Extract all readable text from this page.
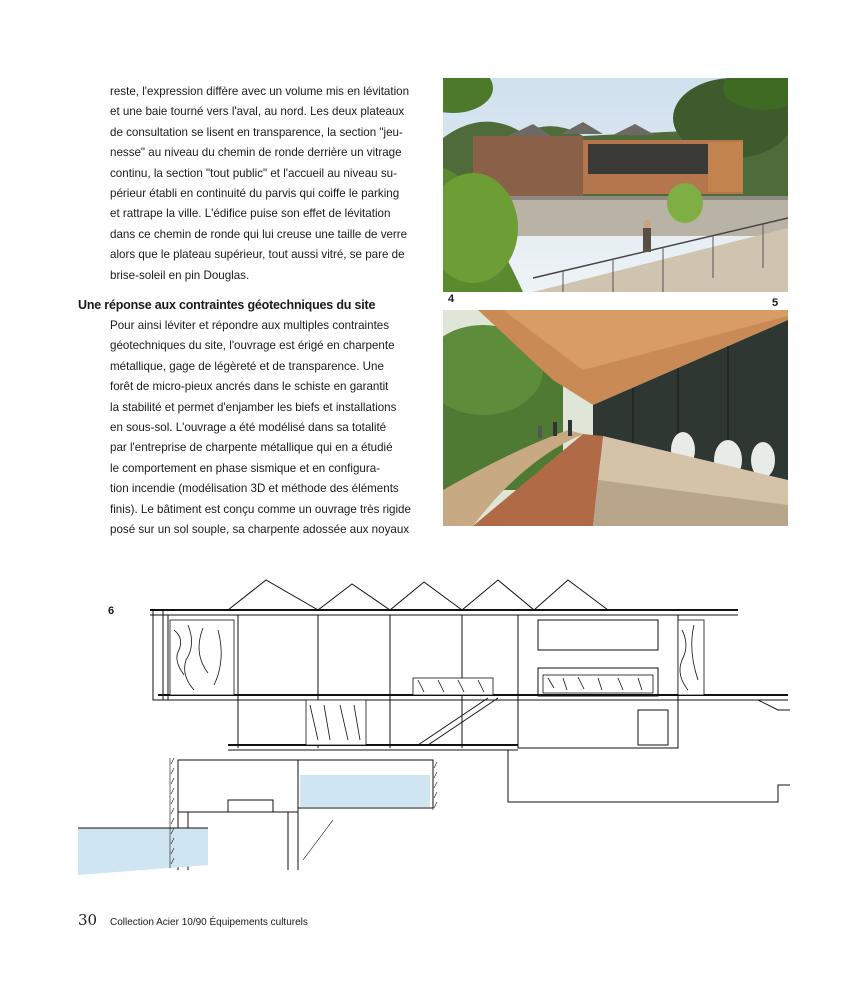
reste, l'expression diffère avec un volume mis en lévitation
et une baie tourné vers l'aval, au nord. Les deux plateaux
de consultation se lisent en transparence, la section "jeu-
nesse" au niveau du chemin de ronde derrière un vitrage
continu, la section "tout public" et l'accueil au niveau su-
périeur établi en continuité du parvis qui coiffe le parking
et rattrape la ville. L'édifice puise son effet de lévitation
dans ce chemin de ronde qui lui creuse une taille de verre
alors que le plateau supérieur, tout aussi vitré, se pare de
brise-soleil en pin Douglas.
Une réponse aux contraintes géotechniques du site
Pour ainsi léviter et répondre aux multiples contraintes
géotechniques du site, l'ouvrage est érigé en charpente
métallique, gage de légèreté et de transparence. Une
forêt de micro-pieux ancrés dans le schiste en garantit
la stabilité et permet d'enjamber les biefs et installations
en sous-sol. L'ouvrage a été modélisé dans sa totalité
par l'entreprise de charpente métallique qui en a étudié
le comportement en phase sismique et en configura-
tion incendie (modélisation 3D et méthode des éléments
finis). Le bâtiment est conçu comme un ouvrage très rigide
posé sur un sol souple, sa charpente adossée aux noyaux
4	5
6
30 Collection Acier 10/90 Équipements culturels
